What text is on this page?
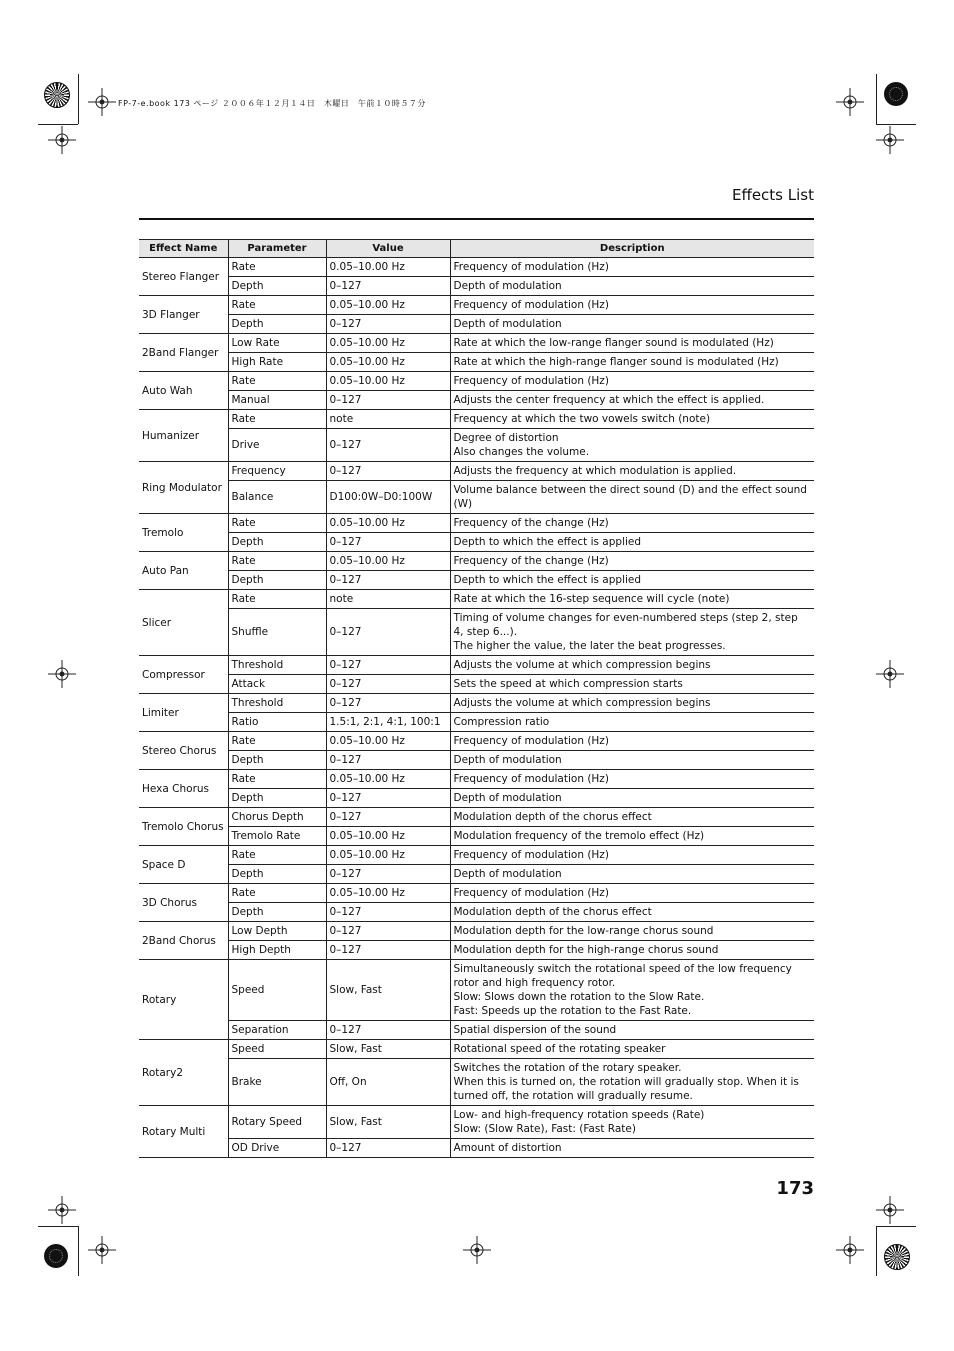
FP-7-e.book 173 ページ ２００６年１２月１４日　木曜日　午前１０時５７分
Effects List
Effect Name	Parameter	Value	Description
Stereo Flanger	Rate	0.05–10.00 Hz	Frequency of modulation (Hz)
	Depth	0–127	Depth of modulation
3D Flanger	Rate	0.05–10.00 Hz	Frequency of modulation (Hz)
	Depth	0–127	Depth of modulation
2Band Flanger	Low Rate	0.05–10.00 Hz	Rate at which the low-range flanger sound is modulated (Hz)
	High Rate	0.05–10.00 Hz	Rate at which the high-range flanger sound is modulated (Hz)
Auto Wah	Rate	0.05–10.00 Hz	Frequency of modulation (Hz)
	Manual	0–127	Adjusts the center frequency at which the effect is applied.
Humanizer	Rate	note	Frequency at which the two vowels switch (note)
	Drive	0–127	Degree of distortion
Also changes the volume.
Ring Modulator	Frequency	0–127	Adjusts the frequency at which modulation is applied.
	Balance	D100:0W–D0:100W	Volume balance between the direct sound (D) and the effect sound (W)
Tremolo	Rate	0.05–10.00 Hz	Frequency of the change (Hz)
	Depth	0–127	Depth to which the effect is applied
Auto Pan	Rate	0.05–10.00 Hz	Frequency of the change (Hz)
	Depth	0–127	Depth to which the effect is applied
Slicer	Rate	note	Rate at which the 16-step sequence will cycle (note)
	Shuffle	0–127	Timing of volume changes for even-numbered steps (step 2, step 4, step 6...).
The higher the value, the later the beat progresses.
Compressor	Threshold	0–127	Adjusts the volume at which compression begins
	Attack	0–127	Sets the speed at which compression starts
Limiter	Threshold	0–127	Adjusts the volume at which compression begins
	Ratio	1.5:1, 2:1, 4:1, 100:1	Compression ratio
Stereo Chorus	Rate	0.05–10.00 Hz	Frequency of modulation (Hz)
	Depth	0–127	Depth of modulation
Hexa Chorus	Rate	0.05–10.00 Hz	Frequency of modulation (Hz)
	Depth	0–127	Depth of modulation
Tremolo Chorus	Chorus Depth	0–127	Modulation depth of the chorus effect
	Tremolo Rate	0.05–10.00 Hz	Modulation frequency of the tremolo effect (Hz)
Space D	Rate	0.05–10.00 Hz	Frequency of modulation (Hz)
	Depth	0–127	Depth of modulation
3D Chorus	Rate	0.05–10.00 Hz	Frequency of modulation (Hz)
	Depth	0–127	Modulation depth of the chorus effect
2Band Chorus	Low Depth	0–127	Modulation depth for the low-range chorus sound
	High Depth	0–127	Modulation depth for the high-range chorus sound
Rotary	Speed	Slow, Fast	Simultaneously switch the rotational speed of the low frequency rotor and high frequency rotor.
Slow: Slows down the rotation to the Slow Rate.
Fast: Speeds up the rotation to the Fast Rate.
	Separation	0–127	Spatial dispersion of the sound
Rotary2	Speed	Slow, Fast	Rotational speed of the rotating speaker
	Brake	Off, On	Switches the rotation of the rotary speaker.
When this is turned on, the rotation will gradually stop. When it is turned off, the rotation will gradually resume.
Rotary Multi	Rotary Speed	Slow, Fast	Low- and high-frequency rotation speeds (Rate)
Slow: (Slow Rate), Fast: (Fast Rate)
	OD Drive	0–127	Amount of distortion
173
